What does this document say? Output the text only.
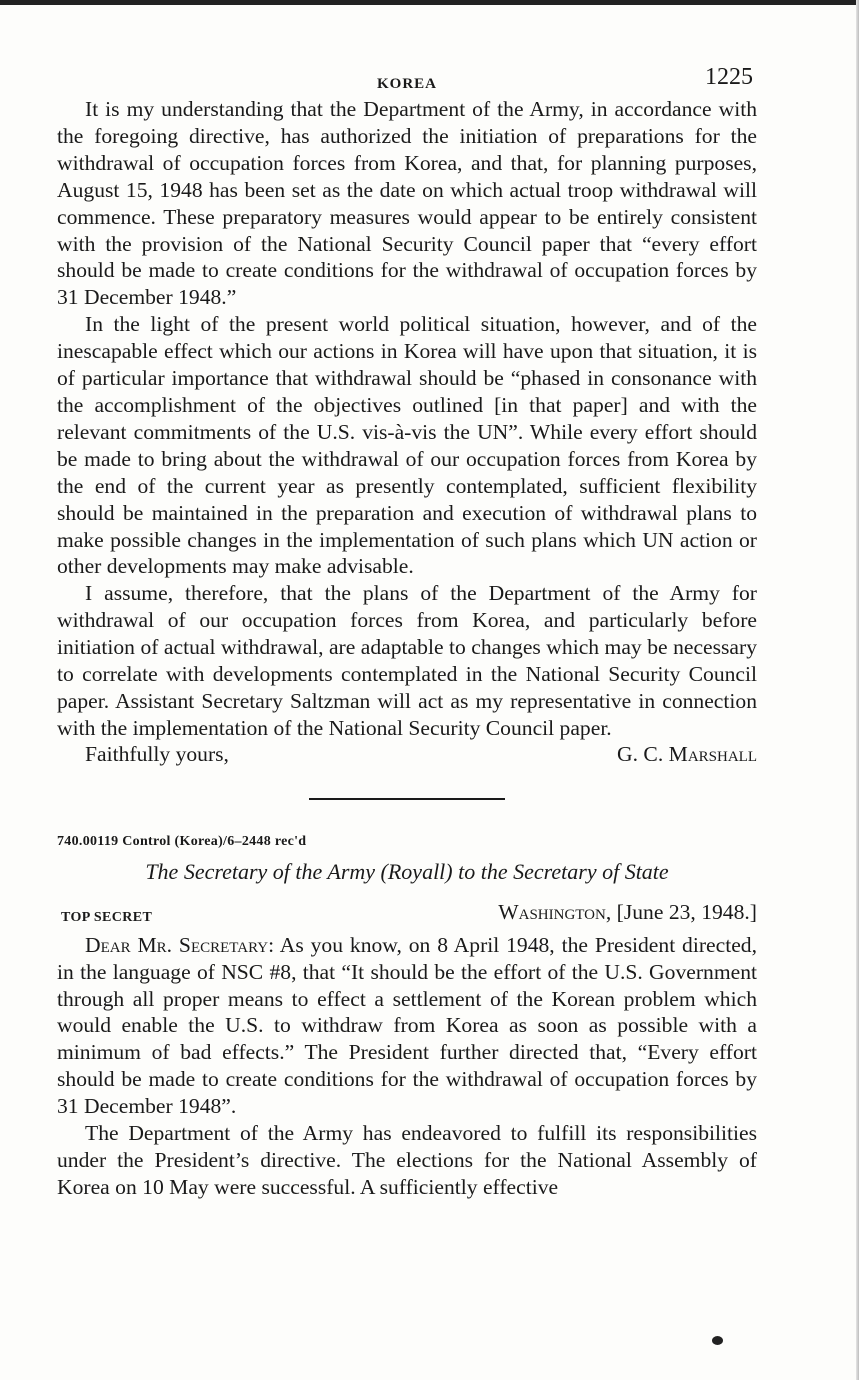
KOREA	1225

It is my understanding that the Department of the Army, in accordance with the foregoing directive, has authorized the initiation of preparations for the withdrawal of occupation forces from Korea, and that, for planning purposes, August 15, 1948 has been set as the date on which actual troop withdrawal will commence. These preparatory measures would appear to be entirely consistent with the provision of the National Security Council paper that “every effort should be made to create conditions for the withdrawal of occupation forces by 31 December 1948.”

In the light of the present world political situation, however, and of the inescapable effect which our actions in Korea will have upon that situation, it is of particular importance that withdrawal should be “phased in consonance with the accomplishment of the objectives outlined [in that paper] and with the relevant commitments of the U.S. vis-à-vis the UN”. While every effort should be made to bring about the withdrawal of our occupation forces from Korea by the end of the current year as presently contemplated, sufficient flexibility should be maintained in the preparation and execution of withdrawal plans to make possible changes in the implementation of such plans which UN action or other developments may make advisable.

I assume, therefore, that the plans of the Department of the Army for withdrawal of our occupation forces from Korea, and particularly before initiation of actual withdrawal, are adaptable to changes which may be necessary to correlate with developments contemplated in the National Security Council paper. Assistant Secretary Saltzman will act as my representative in connection with the implementation of the National Security Council paper.

Faithfully yours,	G. C. Marshall
740.00119 Control (Korea)/6–2448 rec'd
The Secretary of the Army (Royall) to the Secretary of State
TOP SECRET	Washington, [June 23, 1948.]

Dear Mr. Secretary: As you know, on 8 April 1948, the President directed, in the language of NSC #8, that “It should be the effort of the U.S. Government through all proper means to effect a settlement of the Korean problem which would enable the U.S. to withdraw from Korea as soon as possible with a minimum of bad effects.” The President further directed that, “Every effort should be made to create conditions for the withdrawal of occupation forces by 31 December 1948”.

The Department of the Army has endeavored to fulfill its responsibilities under the President’s directive. The elections for the National Assembly of Korea on 10 May were successful. A sufficiently effective
